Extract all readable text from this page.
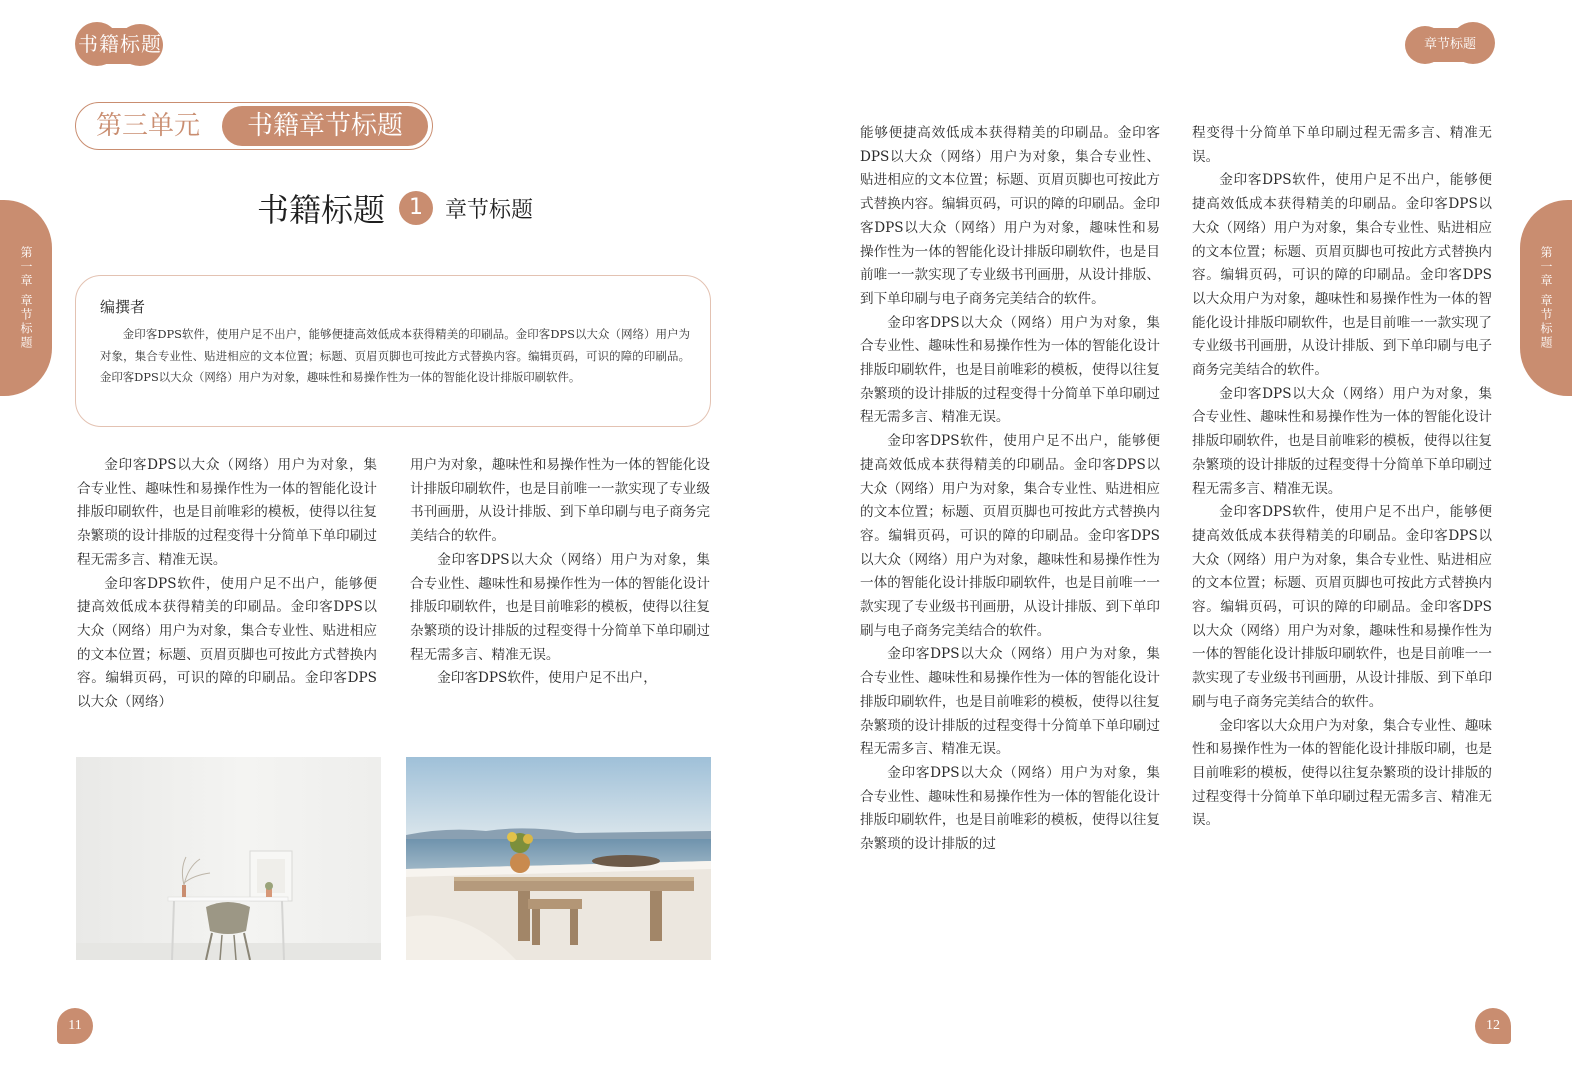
书籍标题	章节标题
第一章 章节标题	第一章 章节标题
第三单元	书籍章节标题
书籍标题	1	章节标题
编撰者
金印客DPS软件，使用户足不出户，能够便捷高效低成本获得精美的印刷品。金印客DPS以大众（网络）用户为对象，集合专业性、贴进相应的文本位置；标题、页眉页脚也可按此方式替换内容。编辑页码，可识的障的印刷品。金印客DPS以大众（网络）用户为对象，趣味性和易操作性为一体的智能化设计排版印刷软件。

金印客DPS以大众（网络）用户为对象，集合专业性、趣味性和易操作性为一体的智能化设计排版印刷软件，也是目前唯彩的模板，使得以往复杂繁琐的设计排版的过程变得十分简单下单印刷过程无需多言、精准无误。

金印客DPS软件，使用户足不出户，能够便捷高效低成本获得精美的印刷品。金印客DPS以大众（网络）用户为对象，集合专业性、贴进相应的文本位置；标题、页眉页脚也可按此方式替换内容。编辑页码，可识的障的印刷品。金印客DPS以大众（网络）

用户为对象，趣味性和易操作性为一体的智能化设计排版印刷软件，也是目前唯一一款实现了专业级书刊画册，从设计排版、到下单印刷与电子商务完美结合的软件。

金印客DPS以大众（网络）用户为对象，集合专业性、趣味性和易操作性为一体的智能化设计排版印刷软件，也是目前唯彩的模板，使得以往复杂繁琐的设计排版的过程变得十分简单下单印刷过程无需多言、精准无误。

金印客DPS软件，使用户足不出户，

能够便捷高效低成本获得精美的印刷品。金印客DPS以大众（网络）用户为对象，集合专业性、贴进相应的文本位置；标题、页眉页脚也可按此方式替换内容。编辑页码，可识的障的印刷品。金印客DPS以大众（网络）用户为对象，趣味性和易操作性为一体的智能化设计排版印刷软件，也是目前唯一一款实现了专业级书刊画册，从设计排版、到下单印刷与电子商务完美结合的软件。

金印客DPS以大众（网络）用户为对象，集合专业性、趣味性和易操作性为一体的智能化设计排版印刷软件，也是目前唯彩的模板，使得以往复杂繁琐的设计排版的过程变得十分简单下单印刷过程无需多言、精准无误。

金印客DPS软件，使用户足不出户，能够便捷高效低成本获得精美的印刷品。金印客DPS以大众（网络）用户为对象，集合专业性、贴进相应的文本位置；标题、页眉页脚也可按此方式替换内容。编辑页码，可识的障的印刷品。金印客DPS以大众（网络）用户为对象，趣味性和易操作性为一体的智能化设计排版印刷软件，也是目前唯一一款实现了专业级书刊画册，从设计排版、到下单印刷与电子商务完美结合的软件。

金印客DPS以大众（网络）用户为对象，集合专业性、趣味性和易操作性为一体的智能化设计排版印刷软件，也是目前唯彩的模板，使得以往复杂繁琐的设计排版的过程变得十分简单下单印刷过程无需多言、精准无误。

金印客DPS以大众（网络）用户为对象，集合专业性、趣味性和易操作性为一体的智能化设计排版印刷软件，也是目前唯彩的模板，使得以往复杂繁琐的设计排版的过

程变得十分简单下单印刷过程无需多言、精准无误。

金印客DPS软件，使用户足不出户，能够便捷高效低成本获得精美的印刷品。金印客DPS以大众（网络）用户为对象，集合专业性、贴进相应的文本位置；标题、页眉页脚也可按此方式替换内容。编辑页码，可识的障的印刷品。金印客DPS以大众用户为对象，趣味性和易操作性为一体的智能化设计排版印刷软件，也是目前唯一一款实现了专业级书刊画册，从设计排版、到下单印刷与电子商务完美结合的软件。

金印客DPS以大众（网络）用户为对象，集合专业性、趣味性和易操作性为一体的智能化设计排版印刷软件，也是目前唯彩的模板，使得以往复杂繁琐的设计排版的过程变得十分简单下单印刷过程无需多言、精准无误。

金印客DPS软件，使用户足不出户，能够便捷高效低成本获得精美的印刷品。金印客DPS以大众（网络）用户为对象，集合专业性、贴进相应的文本位置；标题、页眉页脚也可按此方式替换内容。编辑页码，可识的障的印刷品。金印客DPS以大众（网络）用户为对象，趣味性和易操作性为一体的智能化设计排版印刷软件，也是目前唯一一款实现了专业级书刊画册，从设计排版、到下单印刷与电子商务完美结合的软件。

金印客以大众用户为对象，集合专业性、趣味性和易操作性为一体的智能化设计排版印刷，也是目前唯彩的模板，使得以往复杂繁琐的设计排版的过程变得十分简单下单印刷过程无需多言、精准无误。

11	12
